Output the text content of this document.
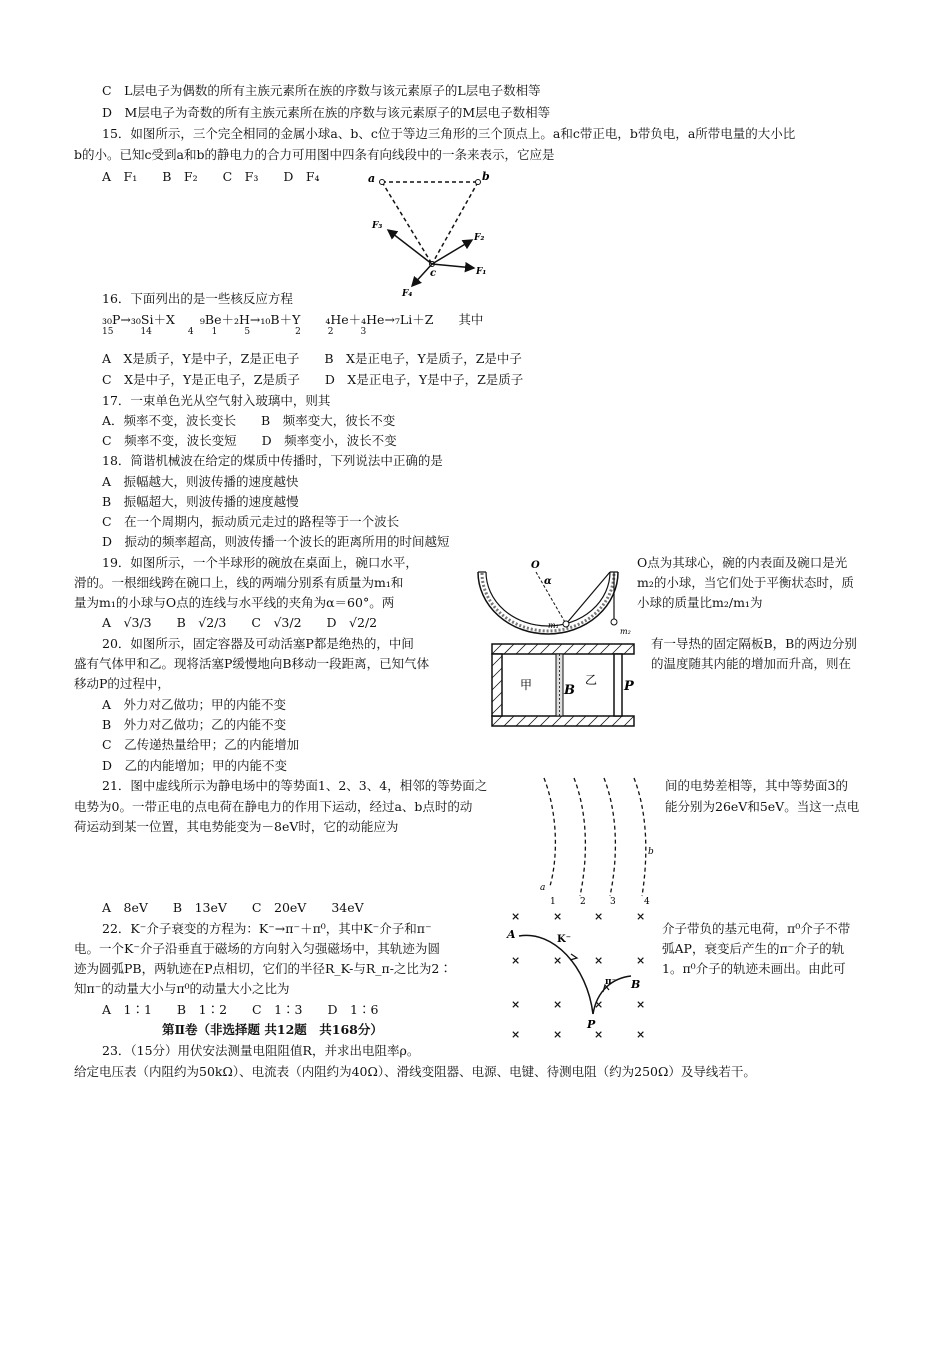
C　L层电子为偶数的所有主族元素所在族的序数与该元素原子的L层电子数相等
D　M层电子为奇数的所有主族元素所在族的序数与该元素原子的M层电子数相等
15．如图所示，三个完全相同的金属小球a、b、c位于等边三角形的三个顶点上。a和c带正电，b带负电，a所带电量的大小比
b的小。已知c受到a和b的静电力的合力可用图中四条有向线段中的一条来表示，它应是
A　F₁　　B　F₂　　C　F₃　　D　F₄
16．下面列出的是一些核反应方程
₃₀P→₃₀Si＋X　　₉Be＋₂H→₁₀B＋Y　　₄He＋₄He→₇Li＋Z　　其中
15　　　14　　　　4　　1　　　5　　　　　2　　　2　　　3
A　X是质子，Y是中子，Z是正电子　　B　X是正电子，Y是质子，Z是中子
C　X是中子，Y是正电子，Z是质子　　D　X是正电子，Y是中子，Z是质子
17．一束单色光从空气射入玻璃中，则其
A．频率不变，波长变长　　B　频率变大，彼长不变
C　频率不变，波长变短　　D　频率变小，波长不变
18．简谐机械波在给定的煤质中传播时，下列说法中正确的是
A　振幅越大，则波传播的速度越快
B　振幅超大，则波传播的速度越慢
C　在一个周期内，振动质元走过的路程等于一个波长
D　振动的频率超高，则波传播一个波长的距离所用的时间越短
19．如图所示，一个半球形的碗放在桌面上，碗口水平，	O点为其球心，碗的内表面及碗口是光
滑的。一根细线跨在碗口上，线的两端分别系有质量为m₁和	m₂的小球，当它们处于平衡状态时，质
量为m₁的小球与O点的连线与水平线的夹角为α＝60°。两	小球的质量比m₂/m₁为
A　√3/3　　B　√2/3　　C　√3/2　　D　√2/2
20．如图所示，固定容器及可动活塞P都是绝热的，中间	有一导热的固定隔板B，B的两边分别
盛有气体甲和乙。现将活塞P缓慢地向B移动一段距离，已知气体	的温度随其内能的增加而升高，则在
移动P的过程中，
A　外力对乙做功；甲的内能不变
B　外力对乙做功；乙的内能不变
C　乙传递热量给甲；乙的内能增加
D　乙的内能增加；甲的内能不变
21．图中虚线所示为静电场中的等势面1、2、3、4，相邻的等势面之	间的电势差相等，其中等势面3的
电势为0。一带正电的点电荷在静电力的作用下运动，经过a、b点时的动	能分别为26eV和5eV。当这一点电
荷运动到某一位置，其电势能变为－8eV时，它的动能应为
A　8eV　　B　13eV　　C　20eV　　34eV
22．K⁻介子衰变的方程为：K⁻→π⁻＋π⁰，其中K⁻介子和π⁻	介子带负的基元电荷，π⁰介子不带
电。一个K⁻介子沿垂直于磁场的方向射入匀强磁场中，其轨迹为圆	弧AP，衰变后产生的π⁻介子的轨
迹为圆弧PB，两轨迹在P点相切，它们的半径R_K-与R_π-之比为2∶	1。π⁰介子的轨迹未画出。由此可
知π⁻的动量大小与π⁰的动量大小之比为
A　1∶1　　B　1∶2　　C　1∶3　　D　1∶6
第Ⅱ卷（非选择题 共12题　共168分）
23．（15分）用伏安法测量电阻阻值R，并求出电阻率ρ。
给定电压表（内阻约为50kΩ）、电流表（内阻约为40Ω）、滑线变阻器、电源、电键、待测电阻（约为250Ω）及导线若干。
a	b
c	F₁
F₂
F₃
F₄
O
α
m₁
m₂
甲 B
乙 P
a
b
1	2	3	4
×	×	×	×
×	×	×	×
×	×	×	×
×	×	×	×
A	K⁻
π⁻ B
P
